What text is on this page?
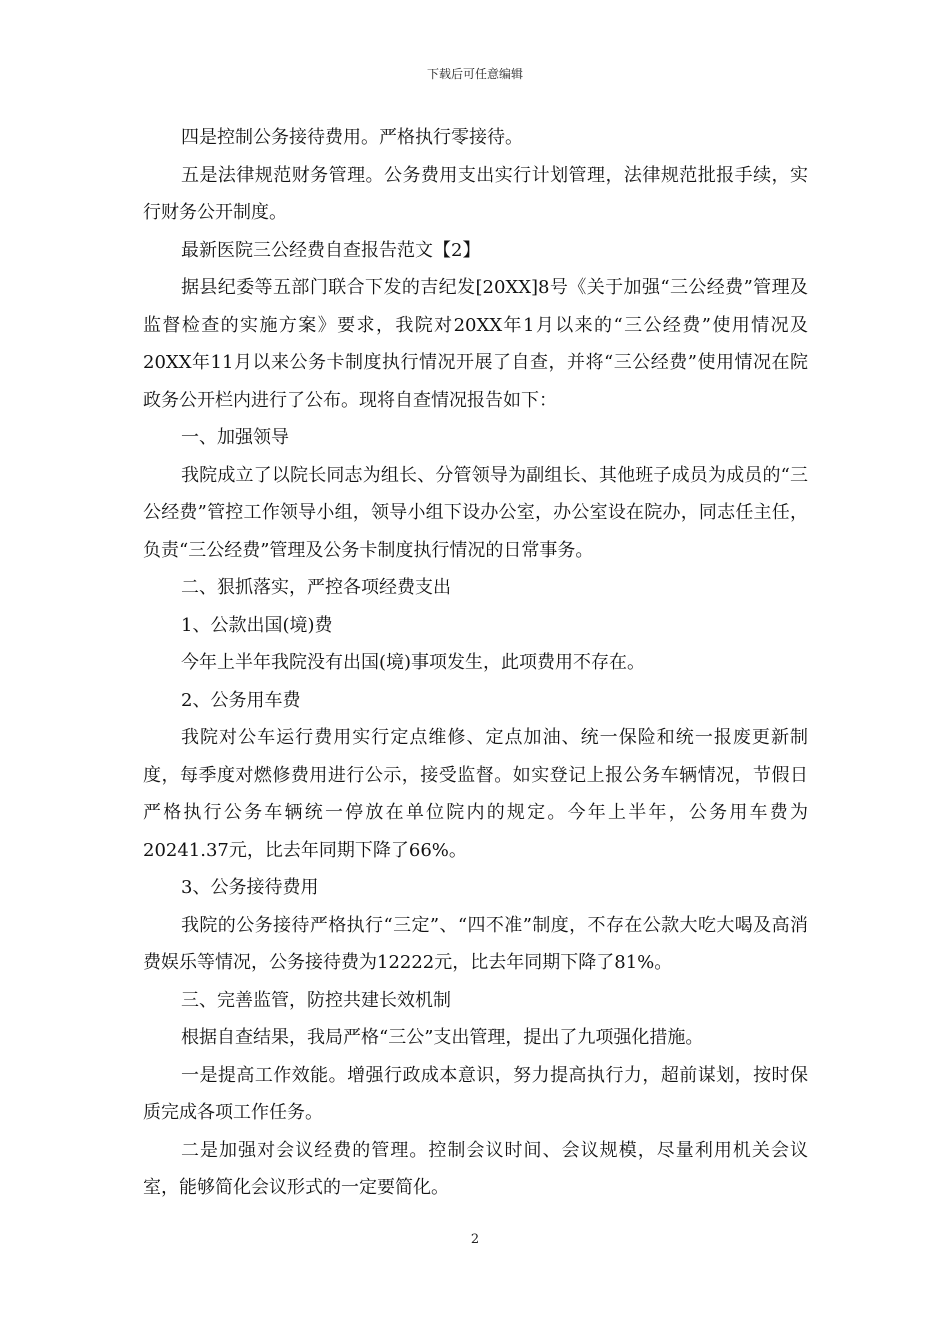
下载后可任意编辑

四是控制公务接待费用。严格执行零接待。

五是法律规范财务管理。公务费用支出实行计划管理，法律规范批报手续，实行财务公开制度。

最新医院三公经费自查报告范文【2】

据县纪委等五部门联合下发的吉纪发[20XX]8号《关于加强“三公经费”管理及监督检查的实施方案》要求，我院对20XX年1月以来的“三公经费”使用情况及20XX年11月以来公务卡制度执行情况开展了自查，并将“三公经费”使用情况在院政务公开栏内进行了公布。现将自查情况报告如下：

一、加强领导

我院成立了以院长同志为组长、分管领导为副组长、其他班子成员为成员的“三公经费”管控工作领导小组，领导小组下设办公室，办公室设在院办，同志任主任，负责“三公经费”管理及公务卡制度执行情况的日常事务。

二、狠抓落实，严控各项经费支出

1、公款出国(境)费

今年上半年我院没有出国(境)事项发生，此项费用不存在。

2、公务用车费

我院对公车运行费用实行定点维修、定点加油、统一保险和统一报废更新制度，每季度对燃修费用进行公示，接受监督。如实登记上报公务车辆情况，节假日严格执行公务车辆统一停放在单位院内的规定。今年上半年，公务用车费为20241.37元，比去年同期下降了66%。

3、公务接待费用

我院的公务接待严格执行“三定”、“四不准”制度，不存在公款大吃大喝及高消费娱乐等情况，公务接待费为12222元，比去年同期下降了81%。

三、完善监管，防控共建长效机制

根据自查结果，我局严格“三公”支出管理，提出了九项强化措施。

一是提高工作效能。增强行政成本意识，努力提高执行力，超前谋划，按时保质完成各项工作任务。

二是加强对会议经费的管理。控制会议时间、会议规模，尽量利用机关会议室，能够简化会议形式的一定要简化。

2
